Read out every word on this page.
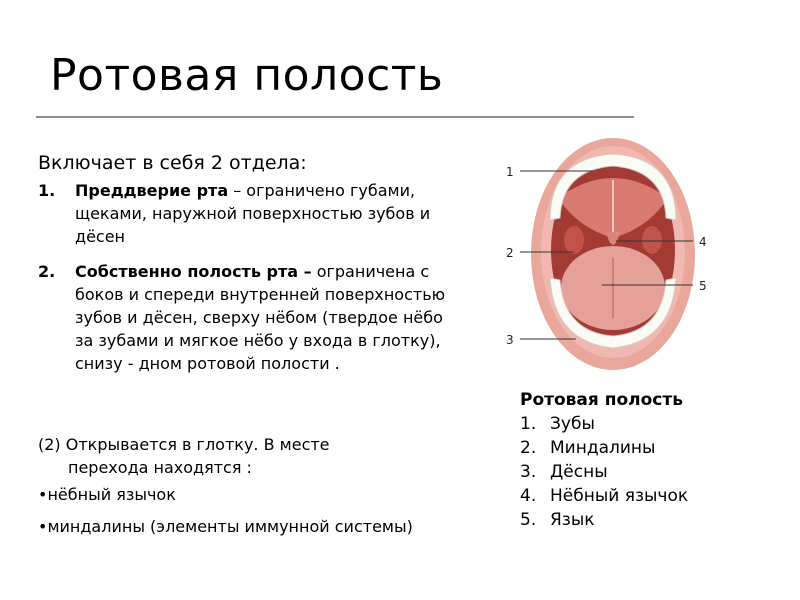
Ротовая полость
Включает в себя 2 отдела:
1. Преддверие рта – ограничено губами, щеками, наружной поверхностью зубов и дёсен
2. Собственно полость рта – ограничена с боков и спереди внутренней поверхностью зубов и дёсен, сверху нёбом (твердое нёбо за зубами и мягкое нёбо у входа в глотку), снизу - дном ротовой полости .
(2) Открывается в глотку. В месте
перехода находятся :
•нёбный язычок
•миндалины (элементы иммунной системы)
1
2
3
4
5
Ротовая полость
1. Зубы
2. Миндалины
3. Дёсны
4. Нёбный язычок
5. Язык
